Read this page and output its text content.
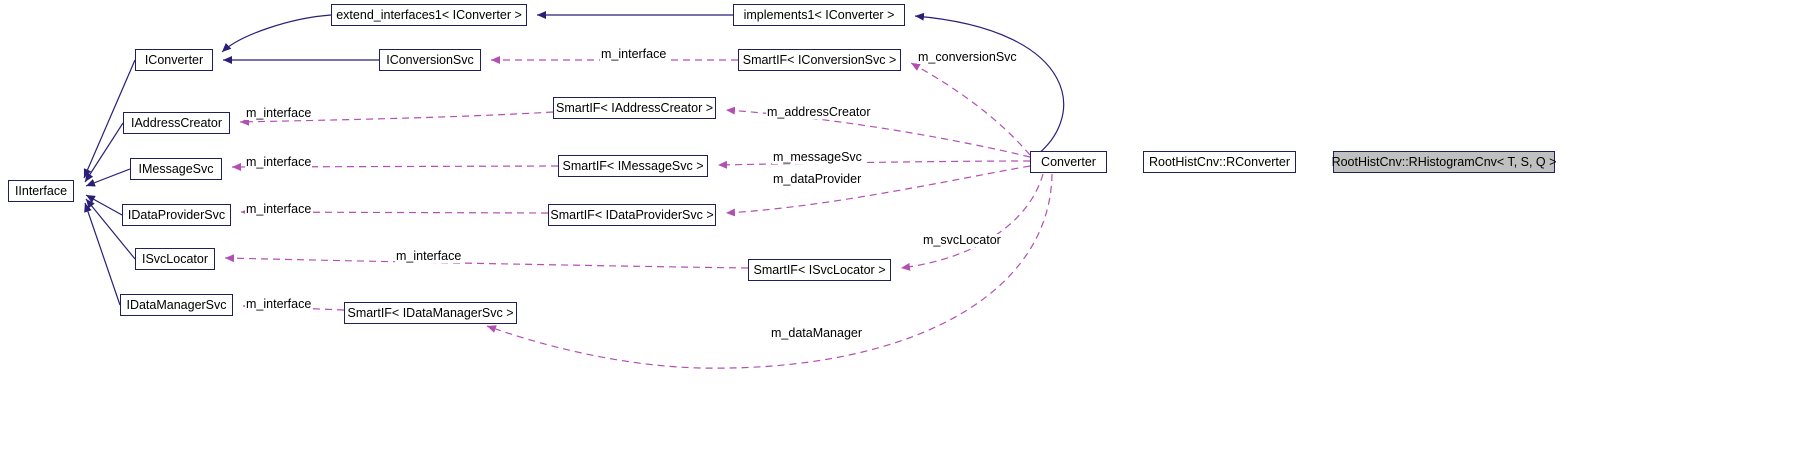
IInterface
IConverter
IAddressCreator
IMessageSvc
IDataProviderSvc
ISvcLocator
IDataManagerSvc
extend_interfaces1< IConverter >
IConversionSvc
SmartIF< IDataManagerSvc >
SmartIF< IAddressCreator >
SmartIF< IMessageSvc >
SmartIF< IDataProviderSvc >
SmartIF< ISvcLocator >
implements1< IConverter >
SmartIF< IConversionSvc >
Converter	RootHistCnv::RConverter	RootHistCnv::RHistogramCnv< T, S, Q >
m_interface	m_conversionSvc
m_interface	m_addressCreator
m_interface	m_messageSvc
m_dataProvider
m_interface
m_interface
m_svcLocator
m_interface
m_dataManager
